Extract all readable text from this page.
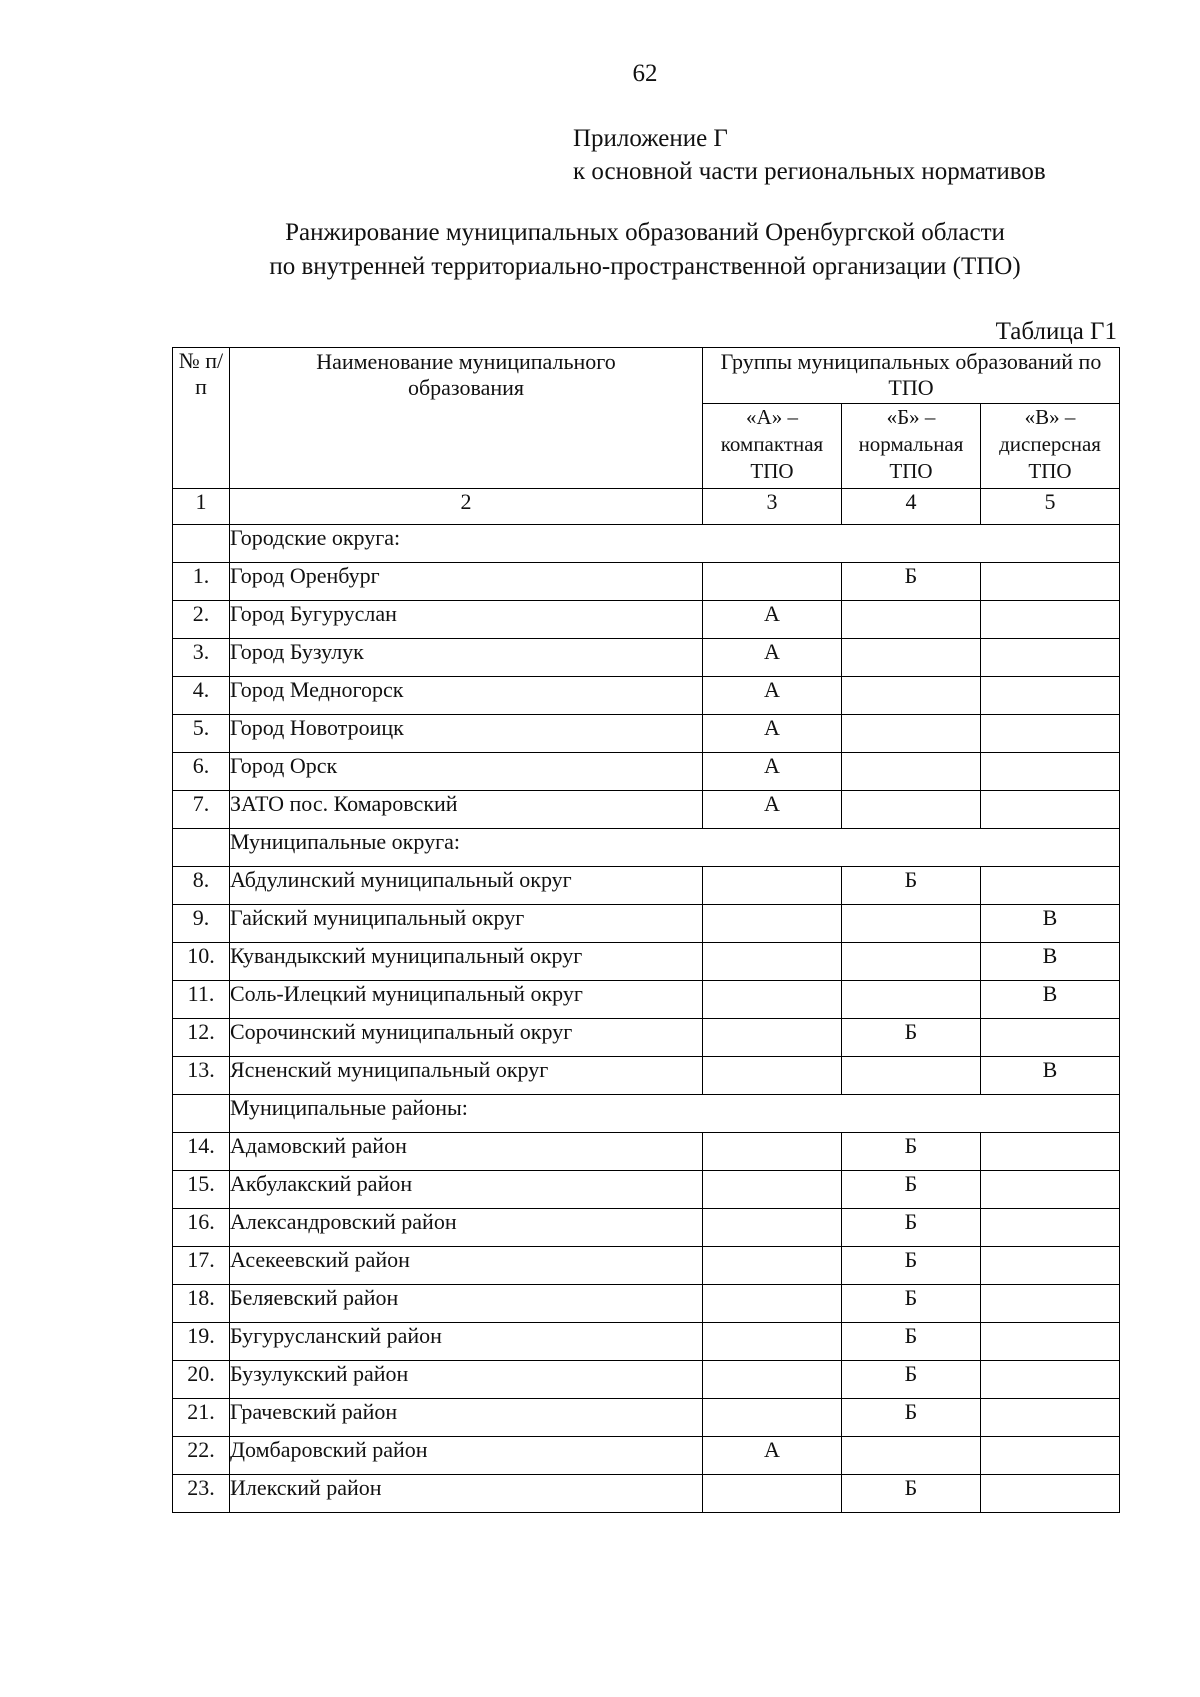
62
Приложение Г
к основной части региональных нормативов
Ранжирование муниципальных образований Оренбургской области
по внутренней территориально-пространственной организации (ТПО)
Таблица Г1
№ п/п	Наименование муниципального образования	Группы муниципальных образований по ТПО		
		«А» – компактная ТПО	«Б» – нормальная ТПО	«В» – дисперсная ТПО
1	2	3	4	5
	Городские округа:			
1.	Город Оренбург		Б	
2.	Город Бугуруслан	А		
3.	Город Бузулук	А		
4.	Город Медногорск	А		
5.	Город Новотроицк	А		
6.	Город Орск	А		
7.	ЗАТО пос. Комаровский	А		
	Муниципальные округа:			
8.	Абдулинский муниципальный округ		Б	
9.	Гайский муниципальный округ			В
10.	Кувандыкский муниципальный округ			В
11.	Соль-Илецкий муниципальный округ			В
12.	Сорочинский муниципальный округ		Б	
13.	Ясненский муниципальный округ			В
	Муниципальные районы:			
14.	Адамовский район		Б	
15.	Акбулакский район		Б	
16.	Александровский район		Б	
17.	Асекеевский район		Б	
18.	Беляевский район		Б	
19.	Бугурусланский район		Б	
20.	Бузулукский район		Б	
21.	Грачевский район		Б	
22.	Домбаровский район	А		
23.	Илекский район		Б	
